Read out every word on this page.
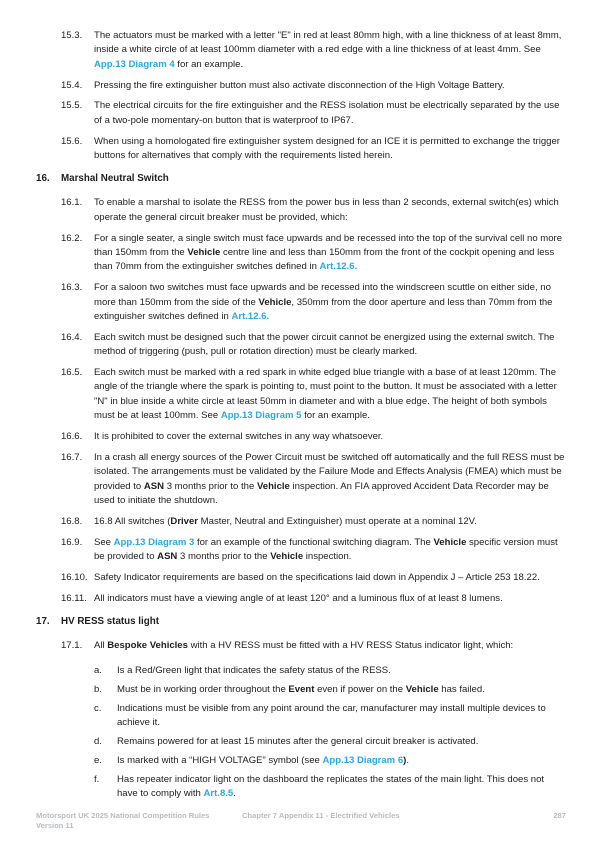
15.3. The actuators must be marked with a letter "E" in red at least 80mm high, with a line thickness of at least 8mm, inside a white circle of at least 100mm diameter with a red edge with a line thickness of at least 4mm. See App.13 Diagram 4 for an example.
15.4. Pressing the fire extinguisher button must also activate disconnection of the High Voltage Battery.
15.5. The electrical circuits for the fire extinguisher and the RESS isolation must be electrically separated by the use of a two-pole momentary-on button that is waterproof to IP67.
15.6. When using a homologated fire extinguisher system designed for an ICE it is permitted to exchange the trigger buttons for alternatives that comply with the requirements listed herein.
16. Marshal Neutral Switch
16.1. To enable a marshal to isolate the RESS from the power bus in less than 2 seconds, external switch(es) which operate the general circuit breaker must be provided, which:
16.2. For a single seater, a single switch must face upwards and be recessed into the top of the survival cell no more than 150mm from the Vehicle centre line and less than 150mm from the front of the cockpit opening and less than 70mm from the extinguisher switches defined in Art.12.6.
16.3. For a saloon two switches must face upwards and be recessed into the windscreen scuttle on either side, no more than 150mm from the side of the Vehicle, 350mm from the door aperture and less than 70mm from the extinguisher switches defined in Art.12.6.
16.4. Each switch must be designed such that the power circuit cannot be energized using the external switch. The method of triggering (push, pull or rotation direction) must be clearly marked.
16.5. Each switch must be marked with a red spark in white edged blue triangle with a base of at least 120mm. The angle of the triangle where the spark is pointing to, must point to the button. It must be associated with a letter "N" in blue inside a white circle at least 50mm in diameter and with a blue edge. The height of both symbols must be at least 100mm. See App.13 Diagram 5 for an example.
16.6. It is prohibited to cover the external switches in any way whatsoever.
16.7. In a crash all energy sources of the Power Circuit must be switched off automatically and the full RESS must be isolated. The arrangements must be validated by the Failure Mode and Effects Analysis (FMEA) which must be provided to ASN 3 months prior to the Vehicle inspection. An FIA approved Accident Data Recorder may be used to initiate the shutdown.
16.8. 16.8 All switches (Driver Master, Neutral and Extinguisher) must operate at a nominal 12V.
16.9. See App.13 Diagram 3 for an example of the functional switching diagram. The Vehicle specific version must be provided to ASN 3 months prior to the Vehicle inspection.
16.10. Safety Indicator requirements are based on the specifications laid down in Appendix J – Article 253 18.22.
16.11. All indicators must have a viewing angle of at least 120° and a luminous flux of at least 8 lumens.
17. HV RESS status light
17.1. All Bespoke Vehicles with a HV RESS must be fitted with a HV RESS Status indicator light, which:
a. Is a Red/Green light that indicates the safety status of the RESS.
b. Must be in working order throughout the Event even if power on the Vehicle has failed.
c. Indications must be visible from any point around the car, manufacturer may install multiple devices to achieve it.
d. Remains powered for at least 15 minutes after the general circuit breaker is activated.
e. Is marked with a “HIGH VOLTAGE” symbol (see App.13 Diagram 6).
f. Has repeater indicator light on the dashboard the replicates the states of the main light. This does not have to comply with Art.8.5.
Motorsport UK 2025 National Competition Rules Version 11
Chapter 7 Appendix 11 - Electrified Vehicles	287
